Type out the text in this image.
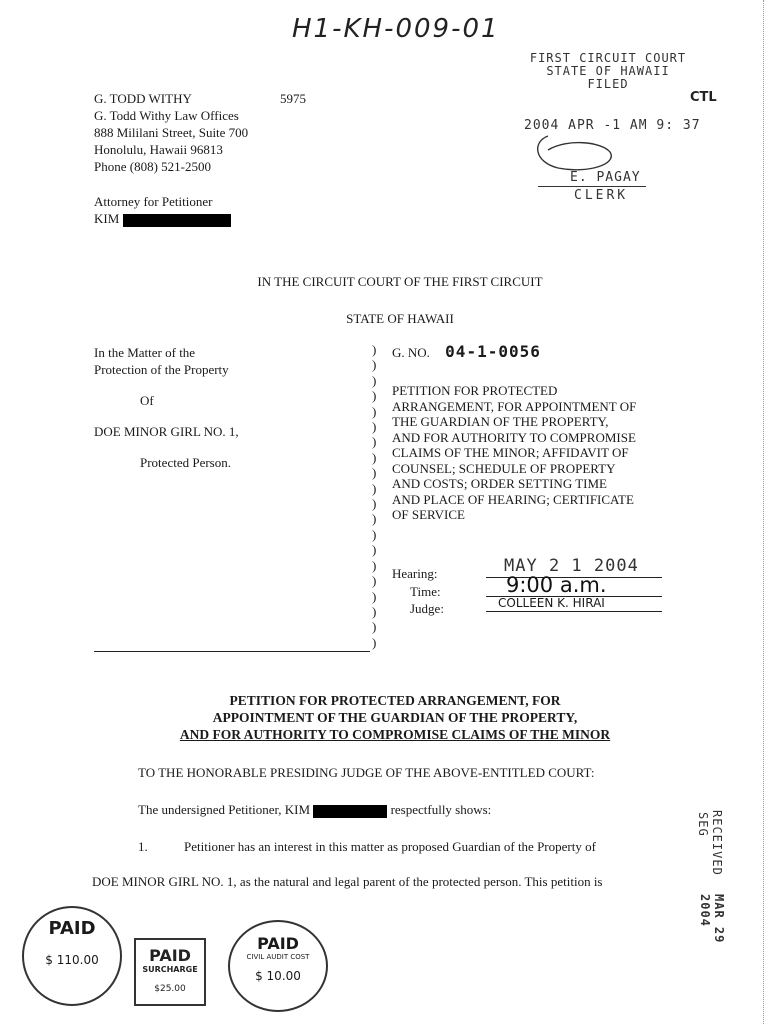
H1-KH-009-01
G. TODD WITHY	5975
G. Todd Withy Law Offices
888 Mililani Street, Suite 700
Honolulu, Hawaii 96813
Phone (808) 521-2500
Attorney for Petitioner
KIM
FIRST CIRCUIT COURT
STATE OF HAWAII
FILED
2004 APR -1 AM 9: 37
E. PAGAY
CLERK
CTL
IN THE CIRCUIT COURT OF THE FIRST CIRCUIT
STATE OF HAWAII
In the Matter of the
Protection of the Property
Of
DOE MINOR GIRL NO. 1,
Protected Person.
)
)
)
)
)
)
)
)
)
)
)
)
)
)
)
)
)
)
)
)
G. NO. 04-1-0056
PETITION FOR PROTECTED
ARRANGEMENT, FOR APPOINTMENT OF
THE GUARDIAN OF THE PROPERTY,
AND FOR AUTHORITY TO COMPROMISE
CLAIMS OF THE MINOR; AFFIDAVIT OF
COUNSEL; SCHEDULE OF PROPERTY
AND COSTS; ORDER SETTING TIME
AND PLACE OF HEARING; CERTIFICATE
OF SERVICE
Hearing:	MAY 2 1 2004
Time:	9:00 a.m.
Judge:	COLLEEN K. HIRAI
PETITION FOR PROTECTED ARRANGEMENT, FOR
APPOINTMENT OF THE GUARDIAN OF THE PROPERTY,
AND FOR AUTHORITY TO COMPROMISE CLAIMS OF THE MINOR
TO THE HONORABLE PRESIDING JUDGE OF THE ABOVE-ENTITLED COURT:
The undersigned Petitioner, KIM	respectfully shows:
1.	Petitioner has an interest in this matter as proposed Guardian of the Property of
DOE MINOR GIRL NO. 1, as the natural and legal parent of the protected person. This petition is
RECEIVED
SEG
MAR 29 2004
PAID
$ 110.00	PAID
SURCHARGE
$25.00
PAID
CIVIL AUDIT COST
$ 10.00
